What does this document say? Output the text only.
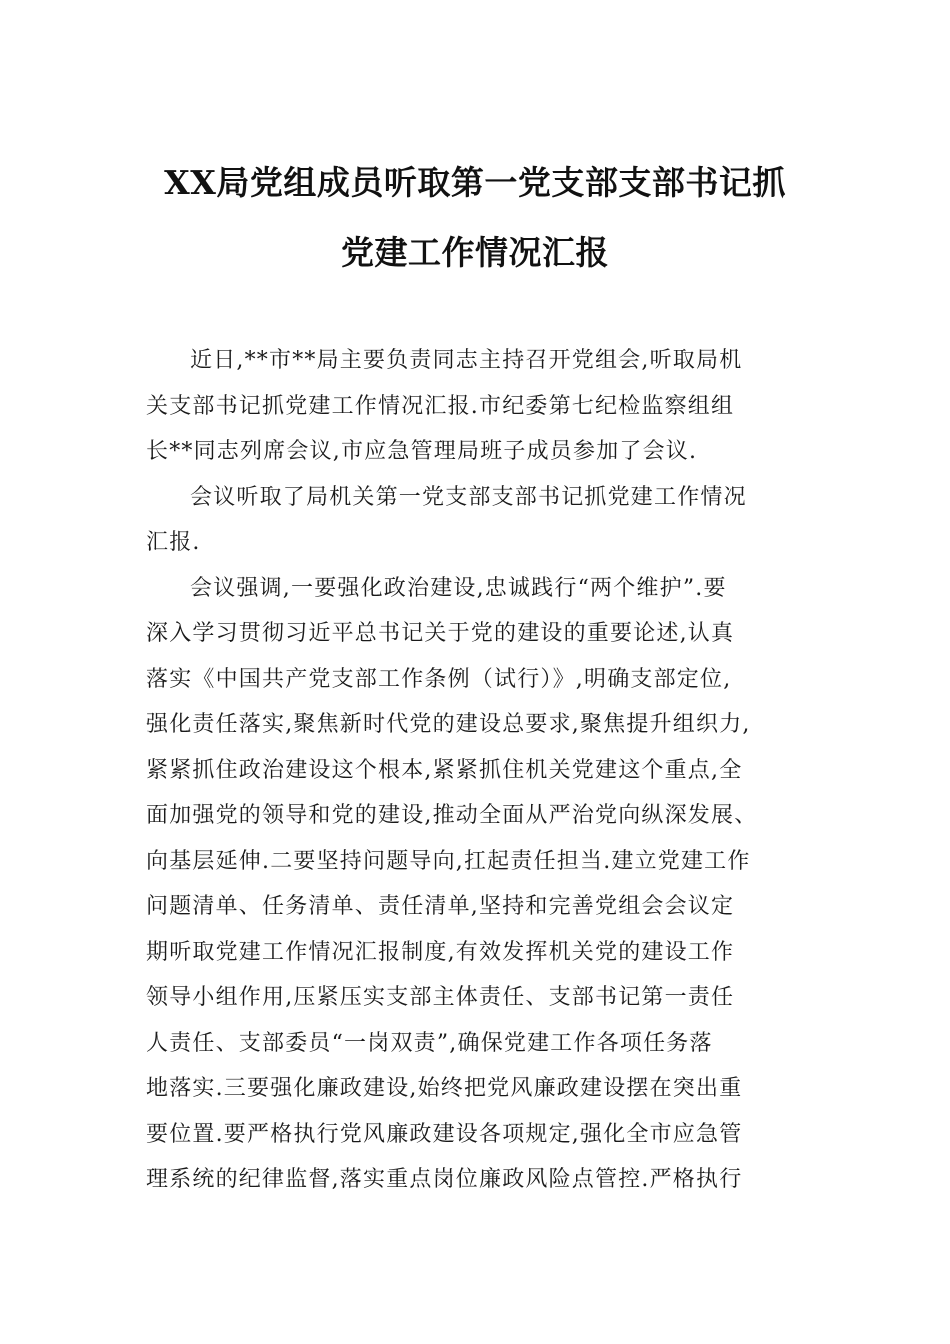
XX局党组成员听取第一党支部支部书记抓
党建工作情况汇报
近日,**市**局主要负责同志主持召开党组会,听取局机
关支部书记抓党建工作情况汇报.市纪委第七纪检监察组组
长**同志列席会议,市应急管理局班子成员参加了会议.
会议听取了局机关第一党支部支部书记抓党建工作情况
汇报.
会议强调,一要强化政治建设,忠诚践行“两个维护”.要
深入学习贯彻习近平总书记关于党的建设的重要论述,认真
落实《中国共产党支部工作条例（试行）》,明确支部定位,
强化责任落实,聚焦新时代党的建设总要求,聚焦提升组织力,
紧紧抓住政治建设这个根本,紧紧抓住机关党建这个重点,全
面加强党的领导和党的建设,推动全面从严治党向纵深发展、
向基层延伸.二要坚持问题导向,扛起责任担当.建立党建工作
问题清单、任务清单、责任清单,坚持和完善党组会会议定
期听取党建工作情况汇报制度,有效发挥机关党的建设工作
领导小组作用,压紧压实支部主体责任、支部书记第一责任
人责任、支部委员“一岗双责”,确保党建工作各项任务落
地落实.三要强化廉政建设,始终把党风廉政建设摆在突出重
要位置.要严格执行党风廉政建设各项规定,强化全市应急管
理系统的纪律监督,落实重点岗位廉政风险点管控.严格执行
